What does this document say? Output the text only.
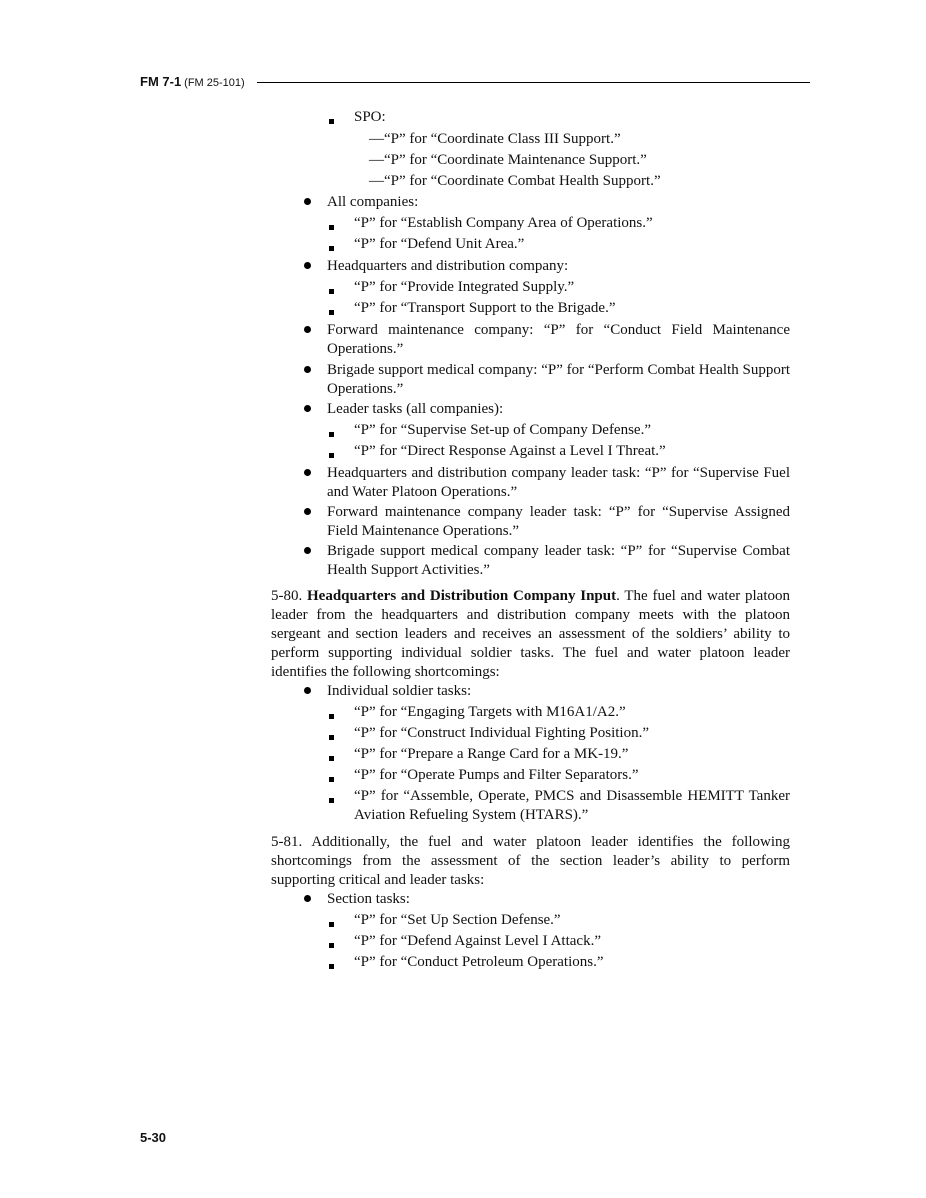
FM 7-1 (FM 25-101)
SPO:
—“P” for “Coordinate Class III Support.”
—“P” for “Coordinate Maintenance Support.”
—“P” for “Coordinate Combat Health Support.”
All companies:
“P” for “Establish Company Area of Operations.”
“P” for “Defend Unit Area.”
Headquarters and distribution company:
“P” for “Provide Integrated Supply.”
“P” for “Transport Support to the Brigade.”
Forward maintenance company: “P” for “Conduct Field Maintenance Operations.”
Brigade support medical company: “P” for “Perform Combat Health Support Operations.”
Leader tasks (all companies):
“P” for “Supervise Set-up of Company Defense.”
“P” for “Direct Response Against a Level I Threat.”
Headquarters and distribution company leader task: “P” for “Supervise Fuel and Water Platoon Operations.”
Forward maintenance company leader task: “P” for “Supervise Assigned Field Maintenance Operations.”
Brigade support medical company leader task: “P” for “Supervise Combat Health Support Activities.”
5-80. Headquarters and Distribution Company Input. The fuel and water platoon leader from the headquarters and distribution company meets with the platoon sergeant and section leaders and receives an assessment of the soldiers’ ability to perform supporting individual soldier tasks. The fuel and water platoon leader identifies the following shortcomings:
Individual soldier tasks:
“P” for “Engaging Targets with M16A1/A2.”
“P” for “Construct Individual Fighting Position.”
“P” for “Prepare a Range Card for a MK-19.”
“P” for “Operate Pumps and Filter Separators.”
“P” for “Assemble, Operate, PMCS and Disassemble HEMITT Tanker Aviation Refueling System (HTARS).”
5-81. Additionally, the fuel and water platoon leader identifies the following shortcomings from the assessment of the section leader’s ability to perform supporting critical and leader tasks:
Section tasks:
“P” for “Set Up Section Defense.”
“P” for “Defend Against Level I Attack.”
“P” for “Conduct Petroleum Operations.”
5-30
